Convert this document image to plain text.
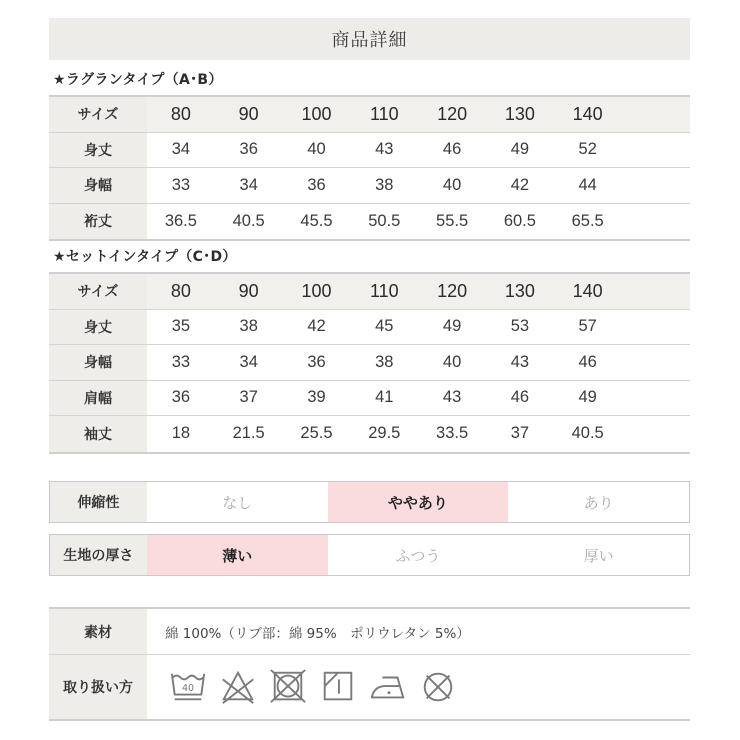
商品詳細
★ラグランタイプ（A･B）
サイズ	80	90	100	110	120	130	140
身丈	34	36	40	43	46	49	52
身幅	33	34	36	38	40	42	44
裄丈	36.5	40.5	45.5	50.5	55.5	60.5	65.5
★セットインタイプ（C･D）
サイズ	80	90	100	110	120	130	140
身丈	35	38	42	45	49	53	57
身幅	33	34	36	38	40	43	46
肩幅	36	37	39	41	43	46	49
袖丈	18	21.5	25.5	29.5	33.5	37	40.5
伸縮性	なし	ややあり	あり
生地の厚さ	薄い	ふつう	厚い
素材	綿 100%（リブ部：綿 95%　ポリウレタン 5%）
取り扱い方	40
